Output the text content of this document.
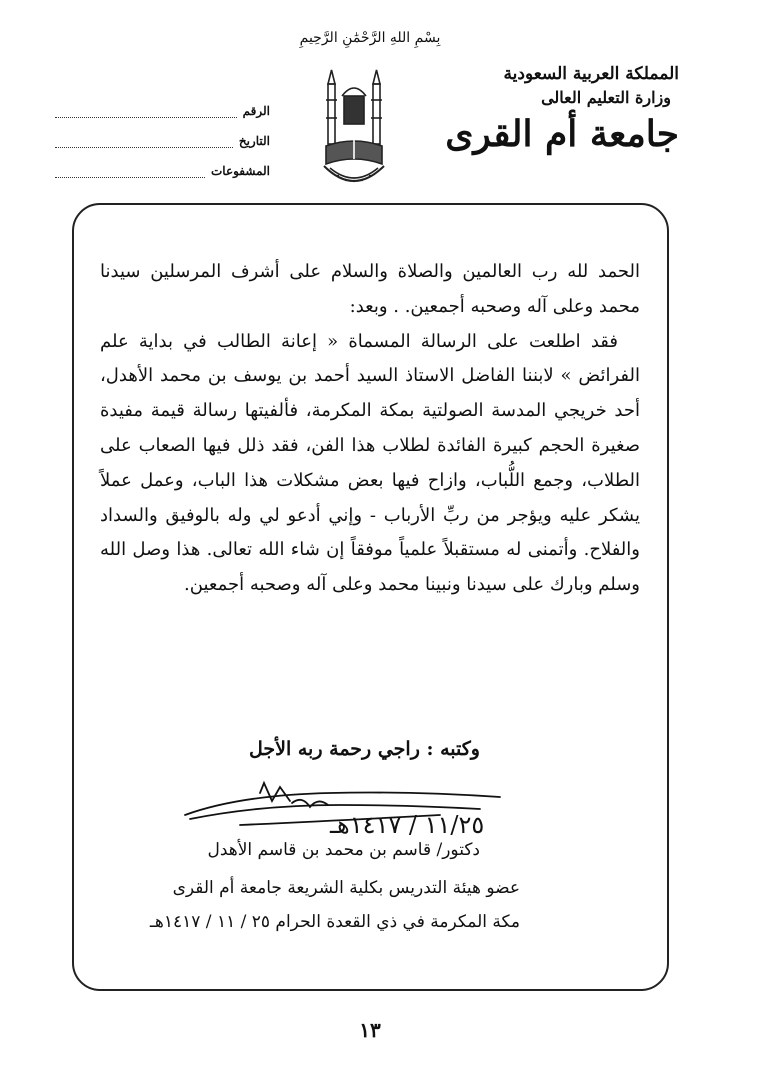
بِسْمِ اللهِ الرَّحْمَٰنِ الرَّحِيمِ
المملكة العربية السعودية
وزارة التعليم العالى
جامعة أم القرى
الرقم
التاريخ
المشفوعات

الحمد لله رب العالمين والصلاة والسلام على أشرف المرسلين سيدنا محمد وعلى آله وصحبه أجمعين. . وبعد:

فقد اطلعت على الرسالة المسماة « إعانة الطالب في بداية علم الفرائض » لابننا الفاضل الاستاذ السيد أحمد بن يوسف بن محمد الأهدل، أحد خريجي المدسة الصولتية بمكة المكرمة، فألفيتها رسالة قيمة مفيدة صغيرة الحجم كبيرة الفائدة لطلاب هذا الفن، فقد ذلل فيها الصعاب على الطلاب، وجمع اللُّباب، وازاح فيها بعض مشكلات هذا الباب، وعمل عملاً يشكر عليه ويؤجر من ربِّ الأرباب - وإني أدعو لي وله بالوفيق والسداد والفلاح. وأتمنى له مستقبلاً علمياً موفقاً إن شاء الله تعالى. هذا وصل الله وسلم وبارك على سيدنا ونبينا محمد وعلى آله وصحبه أجمعين.

وكتبه : راجي رحمة ربه الأجل
١١/٢٥ / ١٤١٧هـ
دكتور/ قاسم بن محمد بن قاسم الأهدل
عضو هيئة التدريس بكلية الشريعة جامعة أم القرى
مكة المكرمة في ذي القعدة الحرام ٢٥ / ١١ / ١٤١٧هـ
١٣
